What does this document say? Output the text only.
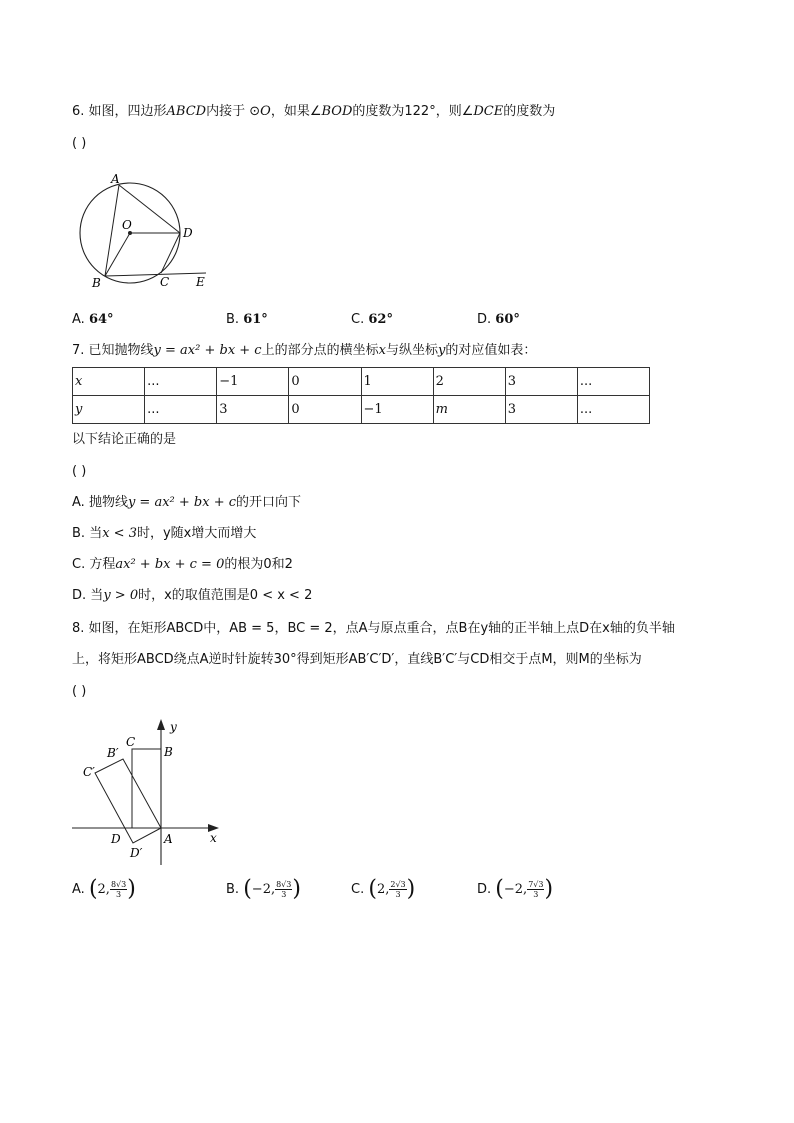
6. 如图，四边形ABCD内接于 ⊙O，如果∠BOD的度数为122°，则∠DCE的度数为
( )
A
O
D
B	C E
A. 64°	B. 61°	C. 62°	D. 60°
7. 已知抛物线y = ax² + bx + c上的部分点的横坐标x与纵坐标y的对应值如表：
x	...	−1	0	1	2	3	...
y	...	3	0	−1	m	3	...
以下结论正确的是
( )
A. 抛物线y = ax² + bx + c的开口向下
B. 当x < 3时，y随x增大而增大
C. 方程ax² + bx + c = 0的根为0和2
D. 当y > 0时，x的取值范围是0 < x < 2
8. 如图，在矩形ABCD中，AB = 5，BC = 2，点A与原点重合，点B在y轴的正半轴上点D在x轴的负半轴
上，将矩形ABCD绕点A逆时针旋转30°得到矩形AB′C′D′，直线B′C′与CD相交于点M，则M的坐标为
( )
y
x
B′
C
B
C′
D	A
D′
A. (2, $\frac{8√3}{3}$ )	B. (−2, $\frac{8√3}{3}$ )	C. (2, $\frac{2√3}{3}$ )	D. (−2, $\frac{7√3}{3}$ )
